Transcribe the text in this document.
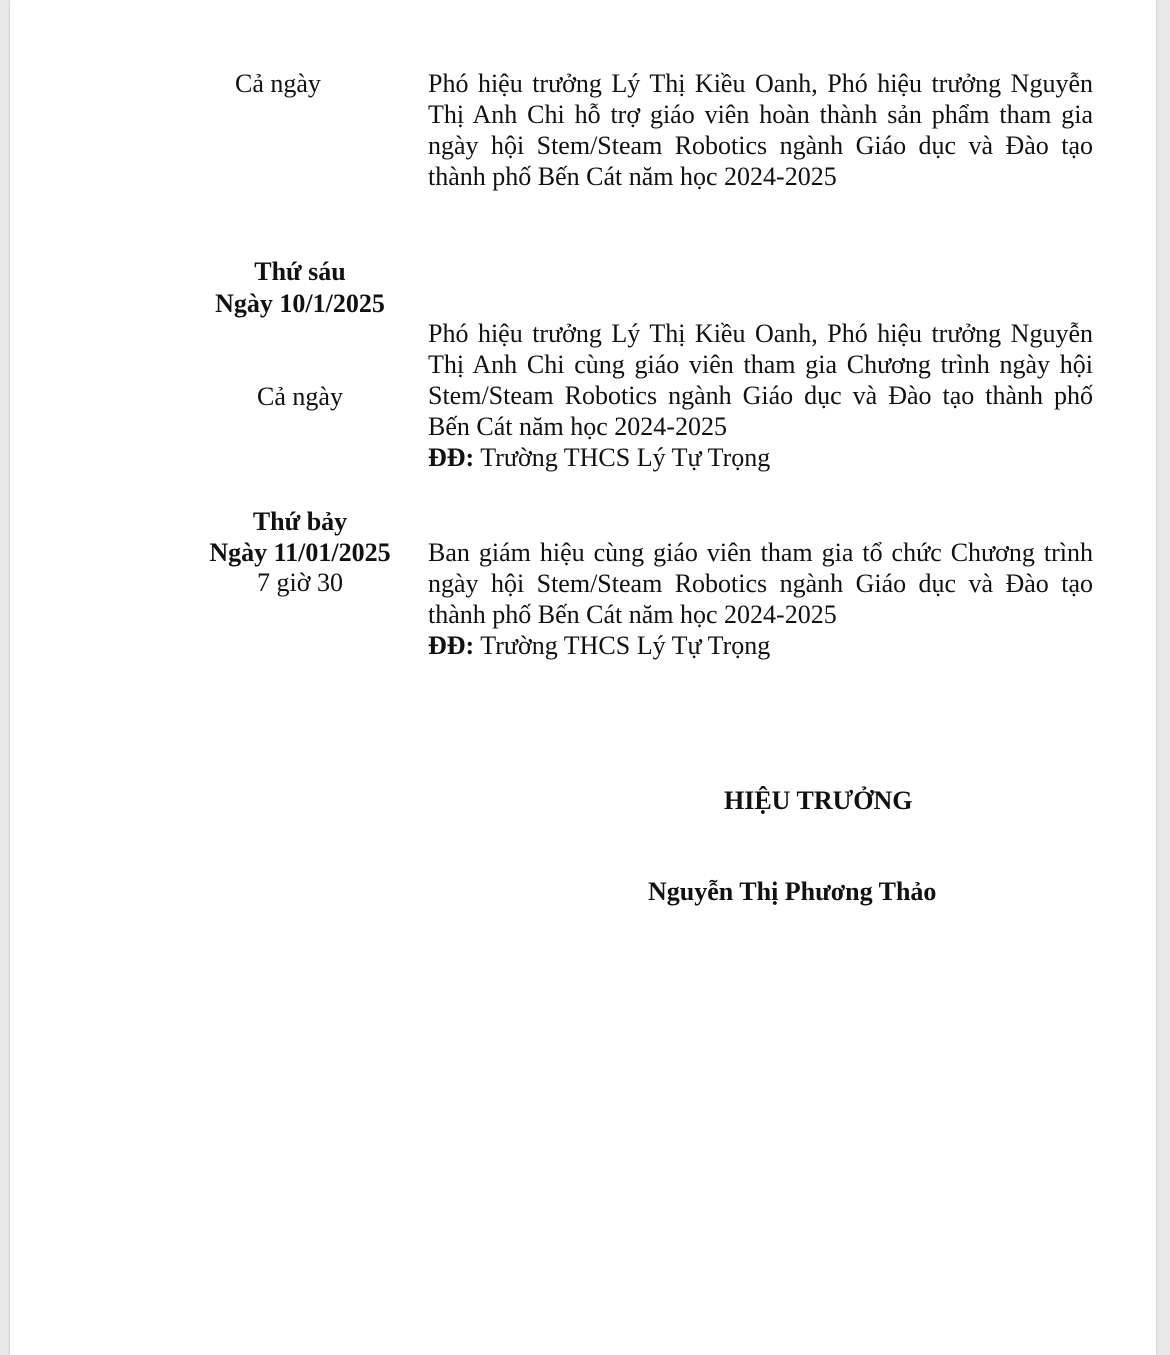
Cả ngày	Phó hiệu trưởng Lý Thị Kiều Oanh, Phó hiệu trưởng Nguyễn
Thị Anh Chi hỗ trợ giáo viên hoàn thành sản phẩm tham gia
ngày hội Stem/Steam Robotics ngành Giáo dục và Đào tạo
thành phố Bến Cát năm học 2024-2025
Thứ sáu
Ngày 10/1/2025
Cả ngày
Phó hiệu trưởng Lý Thị Kiều Oanh, Phó hiệu trưởng Nguyễn
Thị Anh Chi cùng giáo viên tham gia Chương trình ngày hội
Stem/Steam Robotics ngành Giáo dục và Đào tạo thành phố
Bến Cát năm học 2024-2025
ĐĐ: Trường THCS Lý Tự Trọng
Thứ bảy
Ngày 11/01/2025
7 giờ 30
Ban giám hiệu cùng giáo viên tham gia tổ chức Chương trình
ngày hội Stem/Steam Robotics ngành Giáo dục và Đào tạo
thành phố Bến Cát năm học 2024-2025
ĐĐ: Trường THCS Lý Tự Trọng
HIỆU TRƯỞNG
Nguyễn Thị Phương Thảo
